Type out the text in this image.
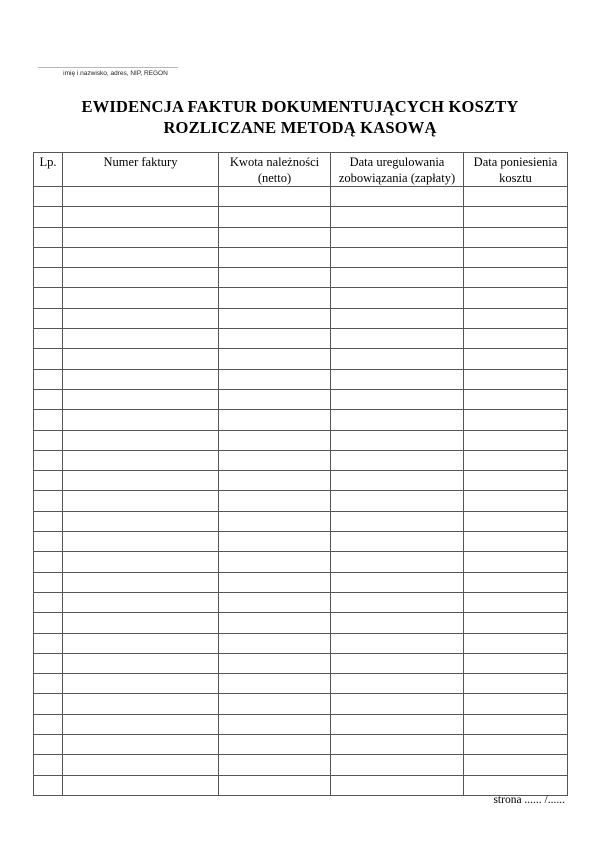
......................................................................
imię i nazwisko, adres, NIP, REGON
EWIDENCJA FAKTUR DOKUMENTUJĄCYCH KOSZTY
ROZLICZANE METODĄ KASOWĄ
Lp.	Numer faktury	Kwota należności (netto)	Data uregulowania zobowiązania (zapłaty)	Data poniesienia kosztu

strona ...... /......
